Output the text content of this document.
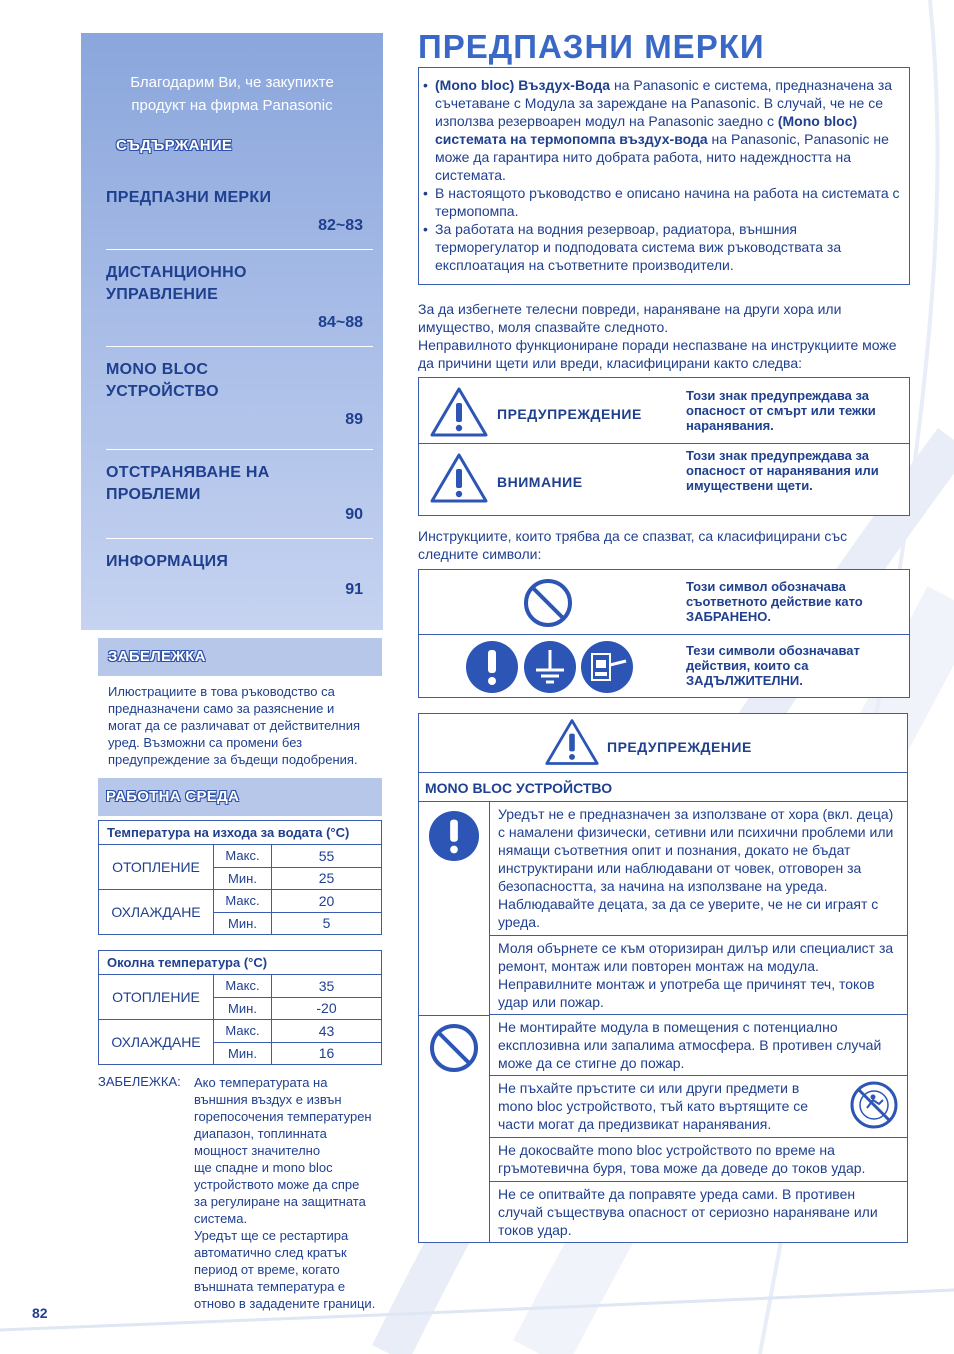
Благодарим Ви, че закупихте
продукт на фирма Panasonic
СЪДЪРЖАНИЕ
ПРЕДПАЗНИ МЕРКИ
82~83
ДИСТАНЦИОННО
УПРАВЛЕНИЕ
84~88
MONO BLOC
УСТРОЙСТВО
89
ОТСТРАНЯВАНЕ НА
ПРОБЛЕМИ
90
ИНФОРМАЦИЯ
91
ЗАБЕЛЕЖКА
Илюстрациите в това ръководство са
предназначени само за разяснение и
могат да се различават от действителния
уред. Възможни са промени без
предупреждение за бъдещи подобрения.
РАБОТНА СРЕДА
Температура на изхода за водата (°C)		
ОТОПЛЕНИЕ	Макс.	55
	Мин.	25
ОХЛАЖДАНЕ	Макс.	20
	Мин.	5
Околна температура (°C)		
ОТОПЛЕНИЕ	Макс.	35
	Мин.	-20
ОХЛАЖДАНЕ	Макс.	43
	Мин.	16
ЗАБЕЛЕЖКА: Ако температурата на
външния въздух е извън
горепосочения температурен
диапазон, топлинната
мощност значително
ще спадне и mono bloc
устройството може да спре
за регулиране на защитната
система.
Уредът ще се рестартира
автоматично след кратък
период от време, когато
външната температура е
отново в зададените граници.
82
ПРЕДПАЗНИ МЕРКИ
• (Mono bloc) Въздух-Вода на Panasonic е система, предназначена за съчетаване с Модула за зареждане на Panasonic. В случай, че не се използва резервоарен модул на Panasonic заедно с (Mono bloc) системата на термопомпа въздух-вода на Panasonic, Panasonic не може да гарантира нито добрата работа, нито надеждността на системата.
• В настоящото ръководство е описано начина на работа на системата с термопомпа.
• За работата на водния резервоар, радиатора, външния терморегулатор и подподовата система виж ръководствата за експлоатация на съответните производители.
За да избегнете телесни повреди, нараняване на други хора или имущество, моля спазвайте следното.
Неправилното функциониране поради неспазване на инструкциите може да причини щети или вреди, класифицирани както следва:
ПРЕДУПРЕЖДЕНИЕ
Този знак предупреждава за опасност от смърт или тежки наранявания.
ВНИМАНИЕ
Този знак предупреждава за опасност от наранявания или имуществени щети.
Инструкциите, които трябва да се спазват, са класифицирани със следните символи:
Този символ обозначава съответното действие като ЗАБРАНЕНО.
Тези символи обозначават действия, които са ЗАДЪЛЖИТЕЛНИ.
ПРЕДУПРЕЖДЕНИЕ
MONO BLOC УСТРОЙСТВО
Уредът не е предназначен за използване от хора (вкл. деца) с намалени физически, сетивни или психични проблеми или нямащи съответния опит и познания, докато не бъдат инструктирани или наблюдавани от човек, отговорен за безопасността, за начина на използване на уреда. Наблюдавайте децата, за да се уверите, че не си играят с уреда.
Моля обърнете се към оторизиран дилър или специалист за ремонт, монтаж или повторен монтаж на модула. Неправилните монтаж и употреба ще причинят теч, токов удар или пожар.
Не монтирайте модула в помещения с потенциално експлозивна или запалима атмосфера. В противен случай може да се стигне до пожар.
Не пъхайте пръстите си или други предмети в mono bloc устройството, тъй като въртящите се части могат да предизвикат наранявания.
Не докосвайте mono bloc устройството по време на гръмотевична буря, това може да доведе до токов удар.
Не се опитвайте да поправяте уреда сами. В противен случай съществува опасност от сериозно нараняване или токов удар.
